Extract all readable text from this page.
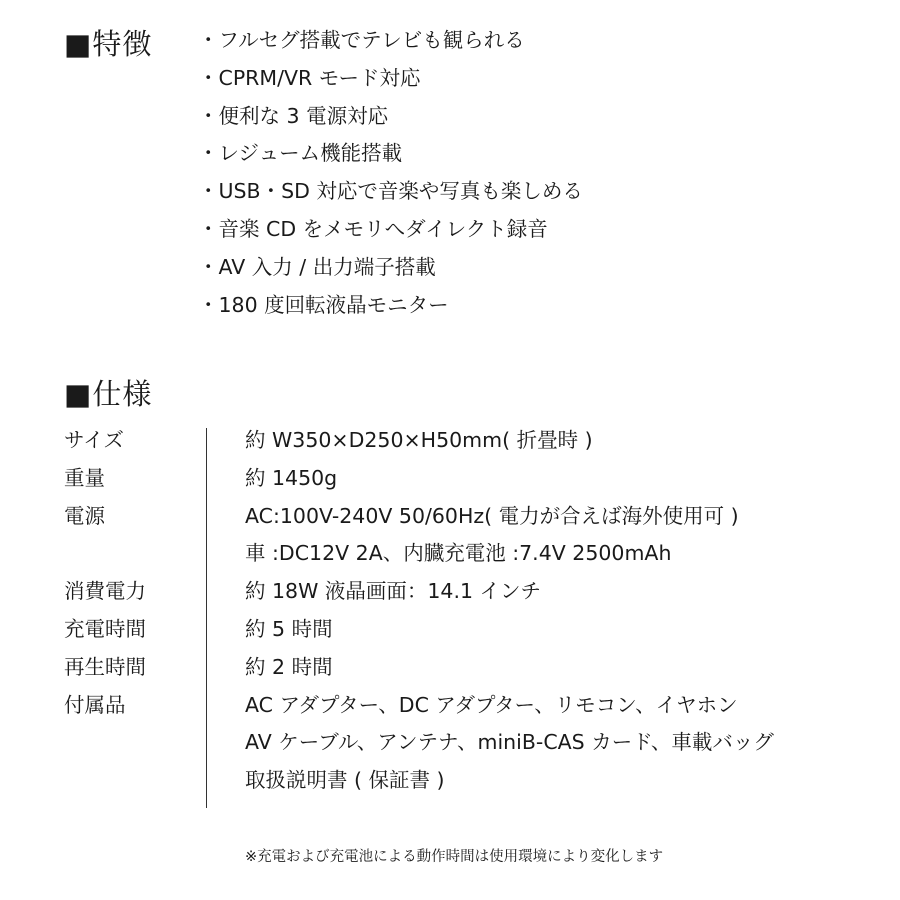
■特徴 ・フルセグ搭載でテレビも観られる
・CPRM/VR モード対応
・便利な 3 電源対応
・レジューム機能搭載
・USB・SD 対応で音楽や写真も楽しめる
・音楽 CD をメモリへダイレクト録音
・AV 入力 / 出力端子搭載
・180 度回転液晶モニター
■仕様
サイズ	約 W350×D250×H50mm( 折畳時 )
重量	約 1450g
電源	AC:100V-240V 50/60Hz( 電力が合えば海外使用可 )
車 :DC12V 2A、内臓充電池 :7.4V 2500mAh
消費電力	約 18W 液晶画面：14.1 インチ
充電時間	約 5 時間
再生時間	約 2 時間
付属品	AC アダプター、DC アダプター、リモコン、イヤホン
AV ケーブル、アンテナ、miniB-CAS カード、車載バッグ
取扱説明書 ( 保証書 )
※充電および充電池による動作時間は使用環境により変化します
